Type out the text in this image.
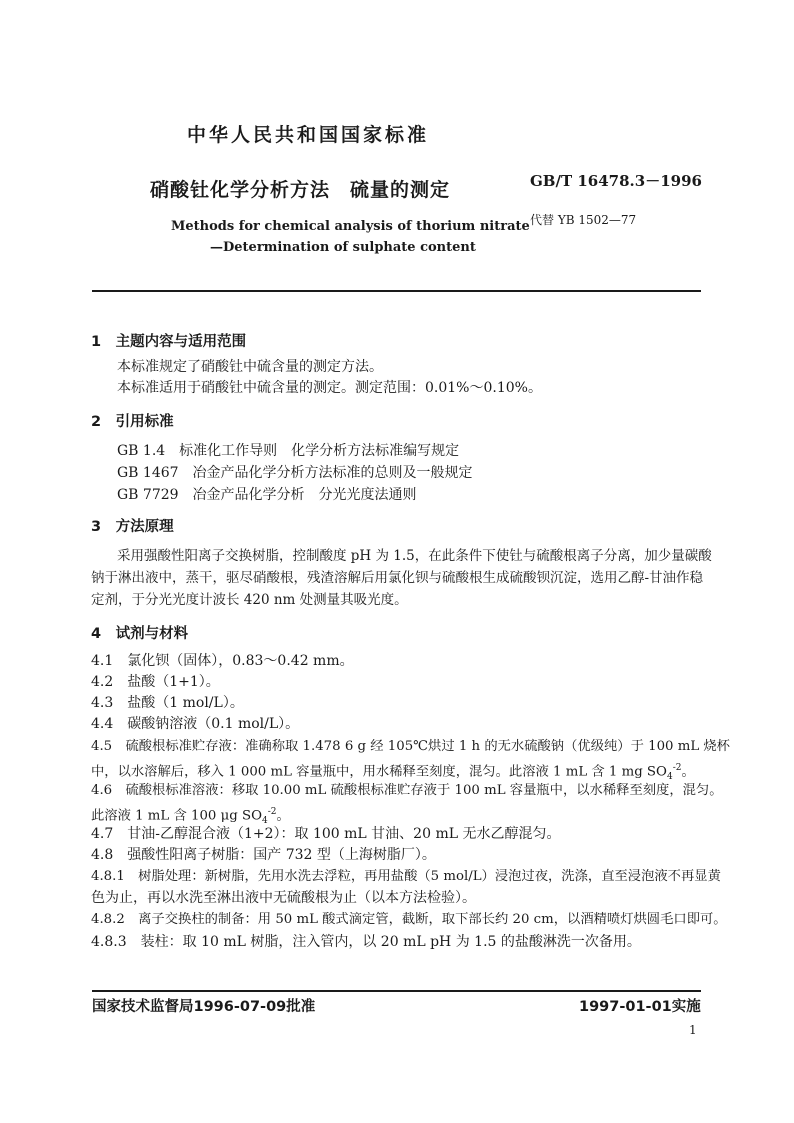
中华人民共和国国家标准
硝酸钍化学分析方法　硫量的测定
Methods for chemical analysis of thorium nitrate
—Determination of sulphate content
GB/T 16478.3－1996
代替 YB 1502—77
1　主题内容与适用范围
本标准规定了硝酸钍中硫含量的测定方法。
本标准适用于硝酸钍中硫含量的测定。测定范围：0.01%～0.10%。
2　引用标准
GB 1.4　标准化工作导则　化学分析方法标准编写规定
GB 1467　冶金产品化学分析方法标准的总则及一般规定
GB 7729　冶金产品化学分析　分光光度法通则
3　方法原理
采用强酸性阳离子交换树脂，控制酸度 pH 为 1.5，在此条件下使钍与硫酸根离子分离，加少量碳酸
钠于淋出液中，蒸干，驱尽硝酸根，残渣溶解后用氯化钡与硫酸根生成硫酸钡沉淀，选用乙醇-甘油作稳
定剂，于分光光度计波长 420 nm 处测量其吸光度。
4　试剂与材料
4.1　氯化钡（固体），0.83～0.42 mm。
4.2　盐酸（1+1）。
4.3　盐酸（1 mol/L）。
4.4　碳酸钠溶液（0.1 mol/L）。
4.5　硫酸根标准贮存液：准确称取 1.478 6 g 经 105℃烘过 1 h 的无水硫酸钠（优级纯）于 100 mL 烧杯
中，以水溶解后，移入 1 000 mL 容量瓶中，用水稀释至刻度，混匀。此溶液 1 mL 含 1 mg $SO_4^{-2}$。
4.6　硫酸根标准溶液：移取 10.00 mL 硫酸根标准贮存液于 100 mL 容量瓶中，以水稀释至刻度，混匀。
此溶液 1 mL 含 100 μg $SO_4^{-2}$。
4.7　甘油-乙醇混合液（1+2）：取 100 mL 甘油、20 mL 无水乙醇混匀。
4.8　强酸性阳离子树脂：国产 732 型（上海树脂厂）。
4.8.1　树脂处理：新树脂，先用水洗去浮粒，再用盐酸（5 mol/L）浸泡过夜，洗涤，直至浸泡液不再显黄
色为止，再以水洗至淋出液中无硫酸根为止（以本方法检验）。
4.8.2　离子交换柱的制备：用 50 mL 酸式滴定管，截断，取下部长约 20 cm，以酒精喷灯烘圆毛口即可。
4.8.3　装柱：取 10 mL 树脂，注入管内，以 20 mL pH 为 1.5 的盐酸淋洗一次备用。
国家技术监督局1996-07-09批准	1997-01-01实施
1
